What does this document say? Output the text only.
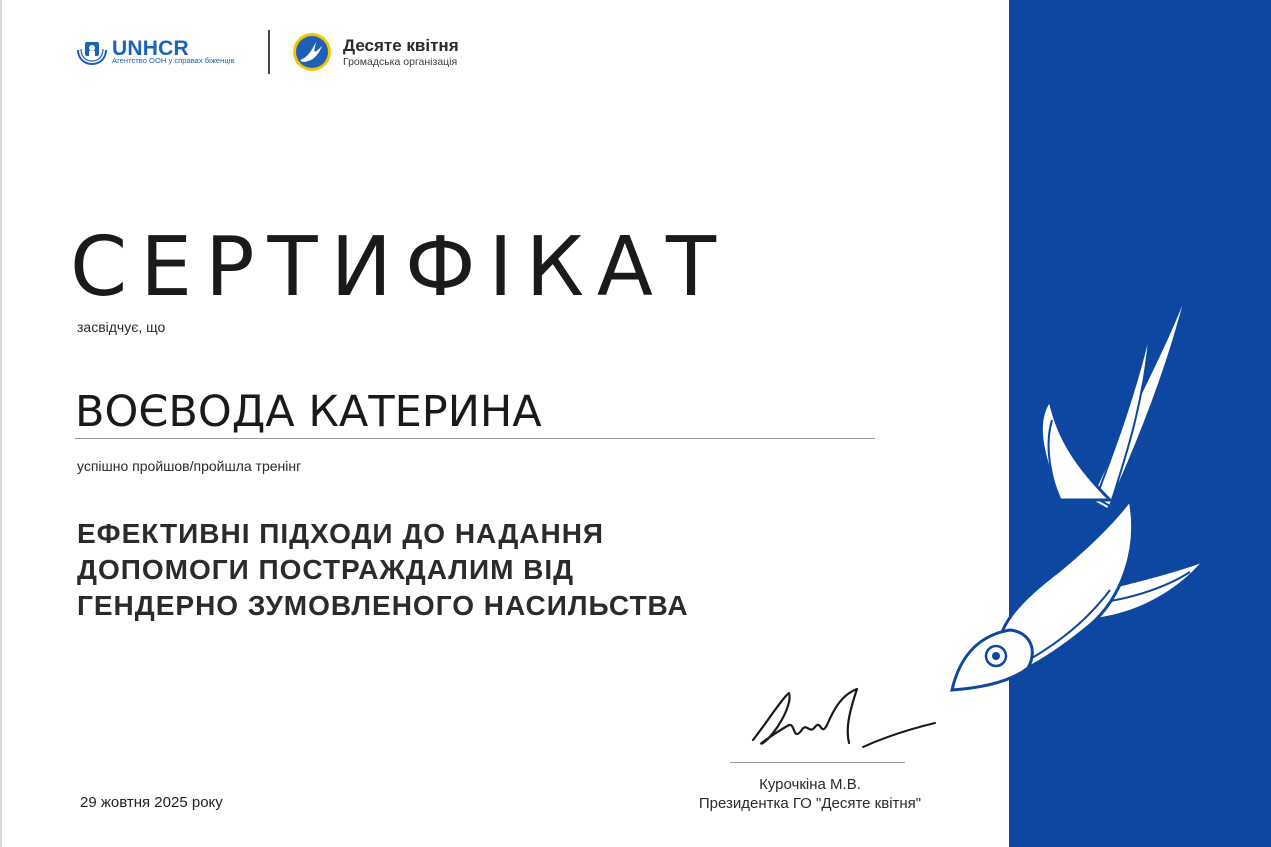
UNHCR
Агентство ООН у справах біженців
Десяте квітня
Громадська організація
СЕРТИФІКАТ
засвідчує, що
ВОЄВОДА КАТЕРИНА
успішно пройшов/пройшла тренінг
ЕФЕКТИВНІ ПІДХОДИ ДО НАДАННЯ
ДОПОМОГИ ПОСТРАЖДАЛИМ ВІД
ГЕНДЕРНО ЗУМОВЛЕНОГО НАСИЛЬСТВА
29 жовтня 2025 року
Курочкіна М.В.
Президентка ГО "Десяте квітня"
